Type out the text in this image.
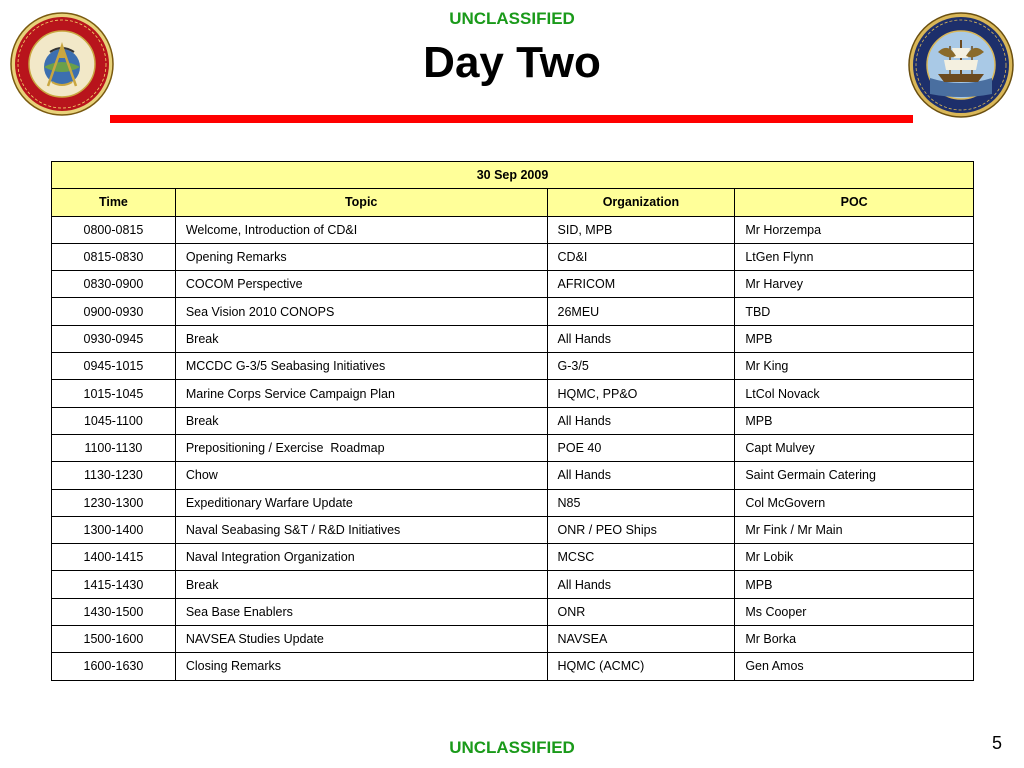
UNCLASSIFIED
Day Two
30 Sep 2009			
Time	Topic	Organization	POC
0800-0815	Welcome, Introduction of CD&I	SID, MPB	Mr Horzempa
0815-0830	Opening Remarks	CD&I	LtGen Flynn
0830-0900	COCOM Perspective	AFRICOM	Mr Harvey
0900-0930	Sea Vision 2010 CONOPS	26MEU	TBD
0930-0945	Break	All Hands	MPB
0945-1015	MCCDC G-3/5 Seabasing Initiatives	G-3/5	Mr King
1015-1045	Marine Corps Service Campaign Plan	HQMC, PP&O	LtCol Novack
1045-1100	Break	All Hands	MPB
1100-1130	Prepositioning / Exercise  Roadmap	POE 40	Capt Mulvey
1130-1230	Chow	All Hands	Saint Germain Catering
1230-1300	Expeditionary Warfare Update	N85	Col McGovern
1300-1400	Naval Seabasing S&T / R&D Initiatives	ONR / PEO Ships	Mr Fink / Mr Main
1400-1415	Naval Integration Organization	MCSC	Mr Lobik
1415-1430	Break	All Hands	MPB
1430-1500	Sea Base Enablers	ONR	Ms Cooper
1500-1600	NAVSEA Studies Update	NAVSEA	Mr Borka
1600-1630	Closing Remarks	HQMC (ACMC)	Gen Amos
UNCLASSIFIED	5
